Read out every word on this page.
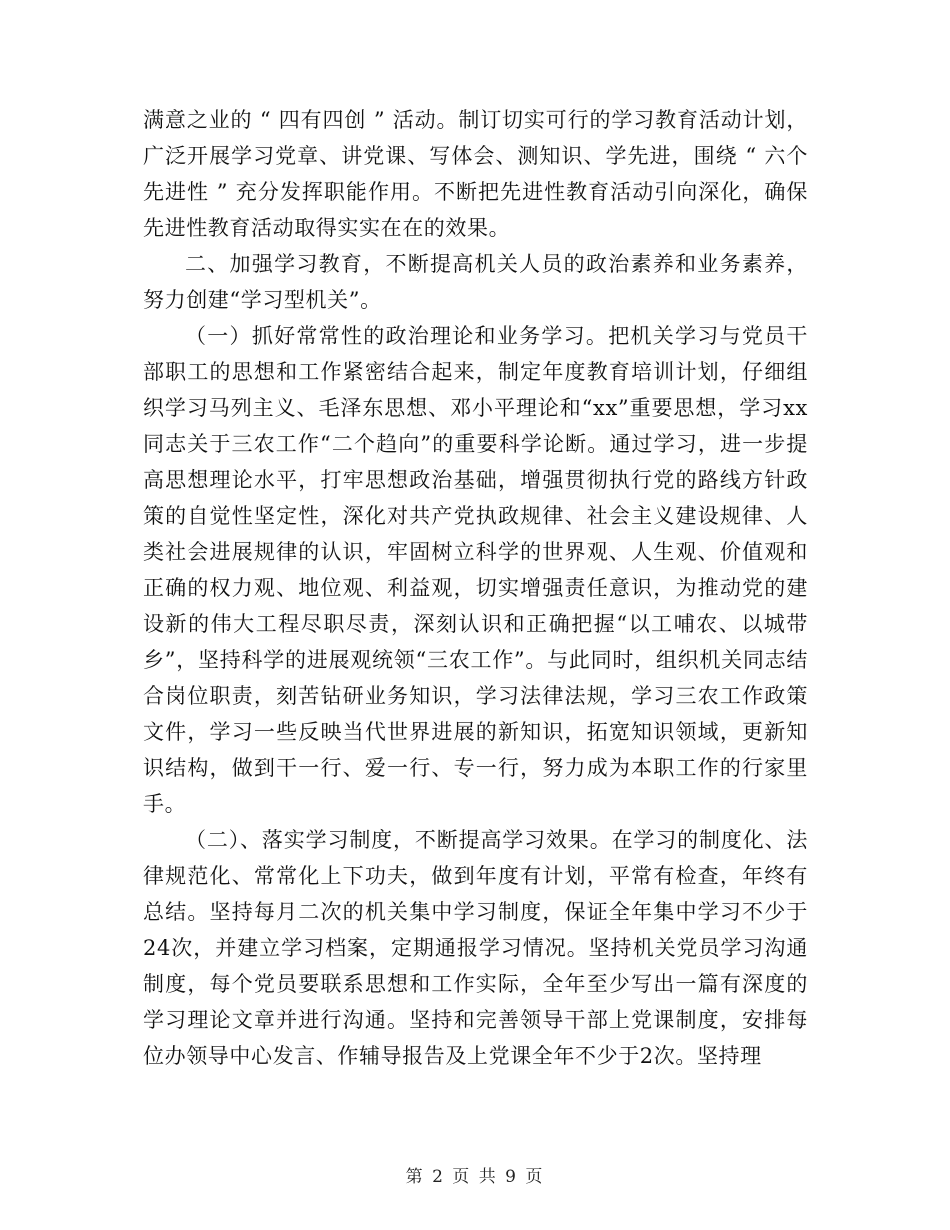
满意之业的 “ 四有四创 ” 活动。制订切实可行的学习教育活动计划，广泛开展学习党章、讲党课、写体会、测知识、学先进，围绕 “ 六个先进性 ” 充分发挥职能作用。不断把先进性教育活动引向深化，确保先进性教育活动取得实实在在的效果。

二、加强学习教育，不断提高机关人员的政治素养和业务素养，努力创建“学习型机关”。

（一）抓好常常性的政治理论和业务学习。把机关学习与党员干部职工的思想和工作紧密结合起来，制定年度教育培训计划，仔细组织学习马列主义、毛泽东思想、邓小平理论和“xx”重要思想，学习xx同志关于三农工作“二个趋向”的重要科学论断。通过学习，进一步提高思想理论水平，打牢思想政治基础，增强贯彻执行党的路线方针政策的自觉性坚定性，深化对共产党执政规律、社会主义建设规律、人类社会进展规律的认识，牢固树立科学的世界观、人生观、价值观和正确的权力观、地位观、利益观，切实增强责任意识，为推动党的建设新的伟大工程尽职尽责，深刻认识和正确把握“以工哺农、以城带乡”，坚持科学的进展观统领“三农工作”。与此同时，组织机关同志结合岗位职责，刻苦钻研业务知识，学习法律法规，学习三农工作政策文件，学习一些反映当代世界进展的新知识，拓宽知识领域，更新知识结构，做到干一行、爱一行、专一行，努力成为本职工作的行家里手。

（二）、落实学习制度，不断提高学习效果。在学习的制度化、法律规范化、常常化上下功夫，做到年度有计划，平常有检查，年终有总结。坚持每月二次的机关集中学习制度，保证全年集中学习不少于24次，并建立学习档案，定期通报学习情况。坚持机关党员学习沟通制度，每个党员要联系思想和工作实际，全年至少写出一篇有深度的学习理论文章并进行沟通。坚持和完善领导干部上党课制度，安排每位办领导中心发言、作辅导报告及上党课全年不少于2次。坚持理

第 2 页 共 9 页
